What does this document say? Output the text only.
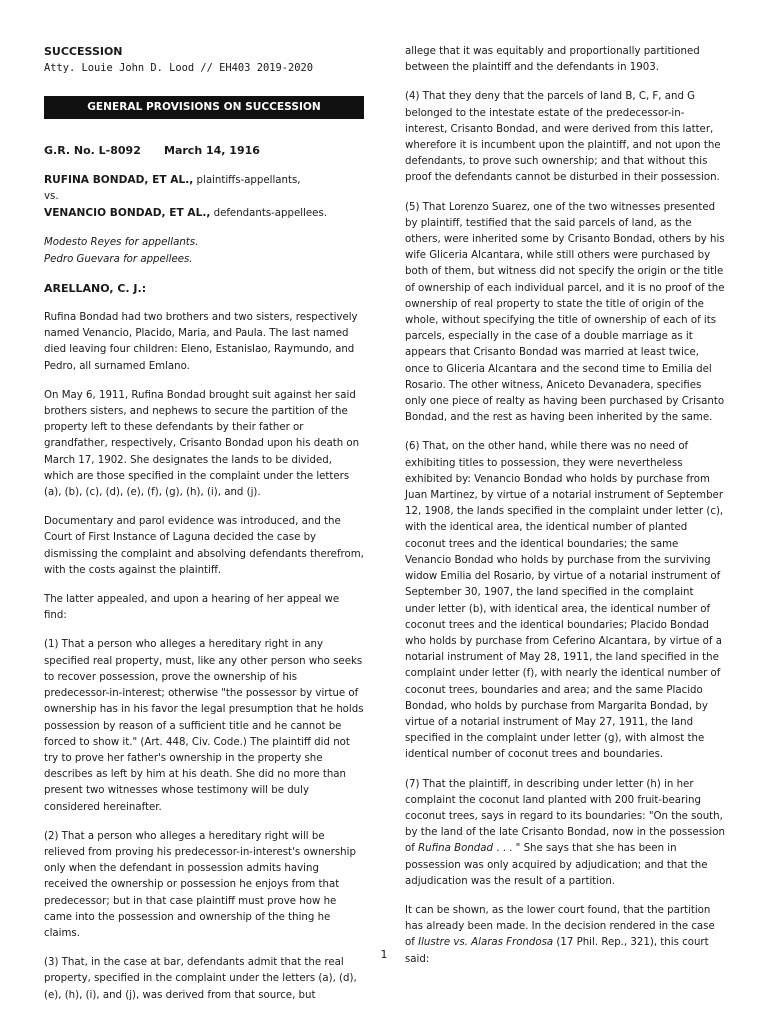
SUCCESSION
Atty. Louie John D. Lood // EH403 2019-2020
GENERAL PROVISIONS ON SUCCESSION
G.R. No. L-8092 March 14, 1916
RUFINA BONDAD, ET AL., plaintiffs-appellants,
vs.
VENANCIO BONDAD, ET AL., defendants-appellees.
Modesto Reyes for appellants.
Pedro Guevara for appellees.
ARELLANO, C. J.:

Rufina Bondad had two brothers and two sisters, respectively named Venancio, Placido, Maria, and Paula. The last named died leaving four children: Eleno, Estanislao, Raymundo, and Pedro, all surnamed Emlano.

On May 6, 1911, Rufina Bondad brought suit against her said brothers sisters, and nephews to secure the partition of the property left to these defendants by their father or grandfather, respectively, Crisanto Bondad upon his death on March 17, 1902. She designates the lands to be divided, which are those specified in the complaint under the letters (a), (b), (c), (d), (e), (f), (g), (h), (i), and (j).

Documentary and parol evidence was introduced, and the Court of First Instance of Laguna decided the case by dismissing the complaint and absolving defendants therefrom, with the costs against the plaintiff.

The latter appealed, and upon a hearing of her appeal we find:

(1) That a person who alleges a hereditary right in any specified real property, must, like any other person who seeks to recover possession, prove the ownership of his predecessor-in-interest; otherwise "the possessor by virtue of ownership has in his favor the legal presumption that he holds possession by reason of a sufficient title and he cannot be forced to show it." (Art. 448, Civ. Code.) The plaintiff did not try to prove her father's ownership in the property she describes as left by him at his death. She did no more than present two witnesses whose testimony will be duly considered hereinafter.

(2) That a person who alleges a hereditary right will be relieved from proving his predecessor-in-interest's ownership only when the defendant in possession admits having received the ownership or possession he enjoys from that predecessor; but in that case plaintiff must prove how he came into the possession and ownership of the thing he claims.

(3) That, in the case at bar, defendants admit that the real property, specified in the complaint under the letters (a), (d), (e), (h), (i), and (j), was derived from that source, but

allege that it was equitably and proportionally partitioned between the plaintiff and the defendants in 1903.

(4) That they deny that the parcels of land B, C, F, and G belonged to the intestate estate of the predecessor-in-interest, Crisanto Bondad, and were derived from this latter, wherefore it is incumbent upon the plaintiff, and not upon the defendants, to prove such ownership; and that without this proof the defendants cannot be disturbed in their possession.

(5) That Lorenzo Suarez, one of the two witnesses presented by plaintiff, testified that the said parcels of land, as the others, were inherited some by Crisanto Bondad, others by his wife Gliceria Alcantara, while still others were purchased by both of them, but witness did not specify the origin or the title of ownership of each individual parcel, and it is no proof of the ownership of real property to state the title of origin of the whole, without specifying the title of ownership of each of its parcels, especially in the case of a double marriage as it appears that Crisanto Bondad was married at least twice, once to Gliceria Alcantara and the second time to Emilia del Rosario. The other witness, Aniceto Devanadera, specifies only one piece of realty as having been purchased by Crisanto Bondad, and the rest as having been inherited by the same.

(6) That, on the other hand, while there was no need of exhibiting titles to possession, they were nevertheless exhibited by: Venancio Bondad who holds by purchase from Juan Martinez, by virtue of a notarial instrument of September 12, 1908, the lands specified in the complaint under letter (c), with the identical area, the identical number of planted coconut trees and the identical boundaries; the same Venancio Bondad who holds by purchase from the surviving widow Emilia del Rosario, by virtue of a notarial instrument of September 30, 1907, the land specified in the complaint under letter (b), with identical area, the identical number of coconut trees and the identical boundaries; Placido Bondad who holds by purchase from Ceferino Alcantara, by virtue of a notarial instrument of May 28, 1911, the land specified in the complaint under letter (f), with nearly the identical number of coconut trees, boundaries and area; and the same Placido Bondad, who holds by purchase from Margarita Bondad, by virtue of a notarial instrument of May 27, 1911, the land specified in the complaint under letter (g), with almost the identical number of coconut trees and boundaries.

(7) That the plaintiff, in describing under letter (h) in her complaint the coconut land planted with 200 fruit-bearing coconut trees, says in regard to its boundaries: "On the south, by the land of the late Crisanto Bondad, now in the possession of Rufina Bondad . . . " She says that she has been in possession was only acquired by adjudication; and that the adjudication was the result of a partition.

It can be shown, as the lower court found, that the partition has already been made. In the decision rendered in the case of Ilustre vs. Alaras Frondosa (17 Phil. Rep., 321), this court said:

1
